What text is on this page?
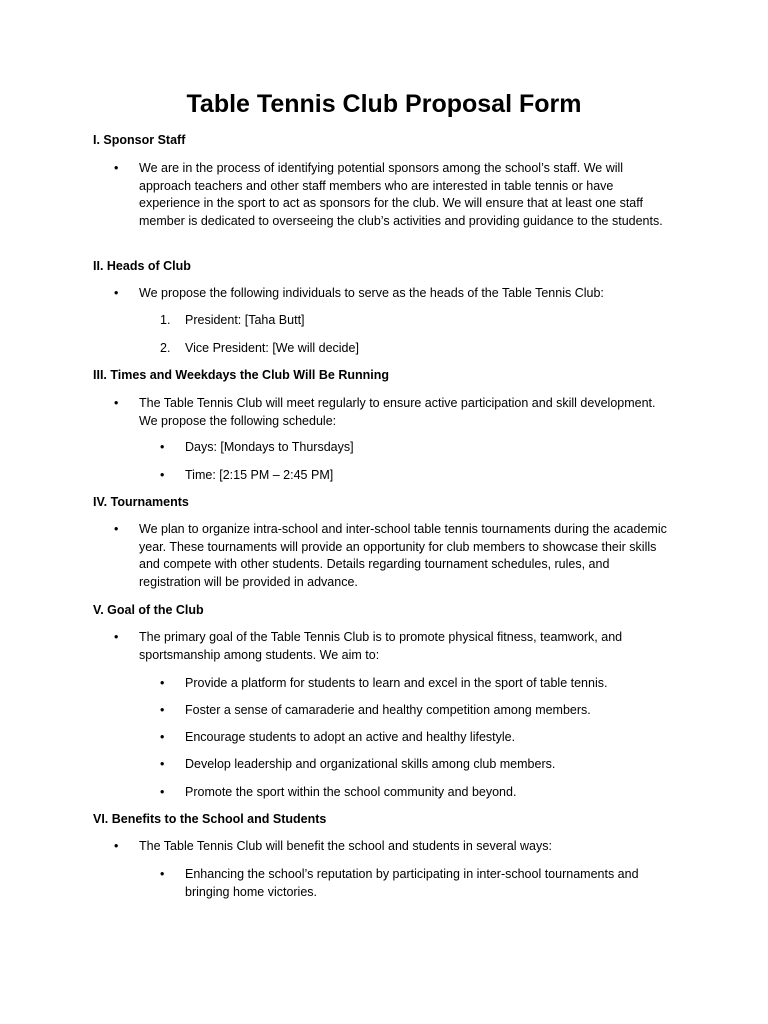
Table Tennis Club Proposal Form
I. Sponsor Staff
• We are in the process of identifying potential sponsors among the school’s staff. We will approach teachers and other staff members who are interested in table tennis or have experience in the sport to act as sponsors for the club. We will ensure that at least one staff member is dedicated to overseeing the club’s activities and providing guidance to the students.
II. Heads of Club
• We propose the following individuals to serve as the heads of the Table Tennis Club:
1. President: [Taha Butt]
2. Vice President: [We will decide]
III. Times and Weekdays the Club Will Be Running
• The Table Tennis Club will meet regularly to ensure active participation and skill development. We propose the following schedule:
• Days: [Mondays to Thursdays]
• Time: [2:15 PM – 2:45 PM]
IV. Tournaments
• We plan to organize intra-school and inter-school table tennis tournaments during the academic year. These tournaments will provide an opportunity for club members to showcase their skills and compete with other students. Details regarding tournament schedules, rules, and registration will be provided in advance.
V. Goal of the Club
• The primary goal of the Table Tennis Club is to promote physical fitness, teamwork, and sportsmanship among students. We aim to:
• Provide a platform for students to learn and excel in the sport of table tennis.
• Foster a sense of camaraderie and healthy competition among members.
• Encourage students to adopt an active and healthy lifestyle.
• Develop leadership and organizational skills among club members.
• Promote the sport within the school community and beyond.
VI. Benefits to the School and Students
• The Table Tennis Club will benefit the school and students in several ways:
• Enhancing the school’s reputation by participating in inter-school tournaments and bringing home victories.
